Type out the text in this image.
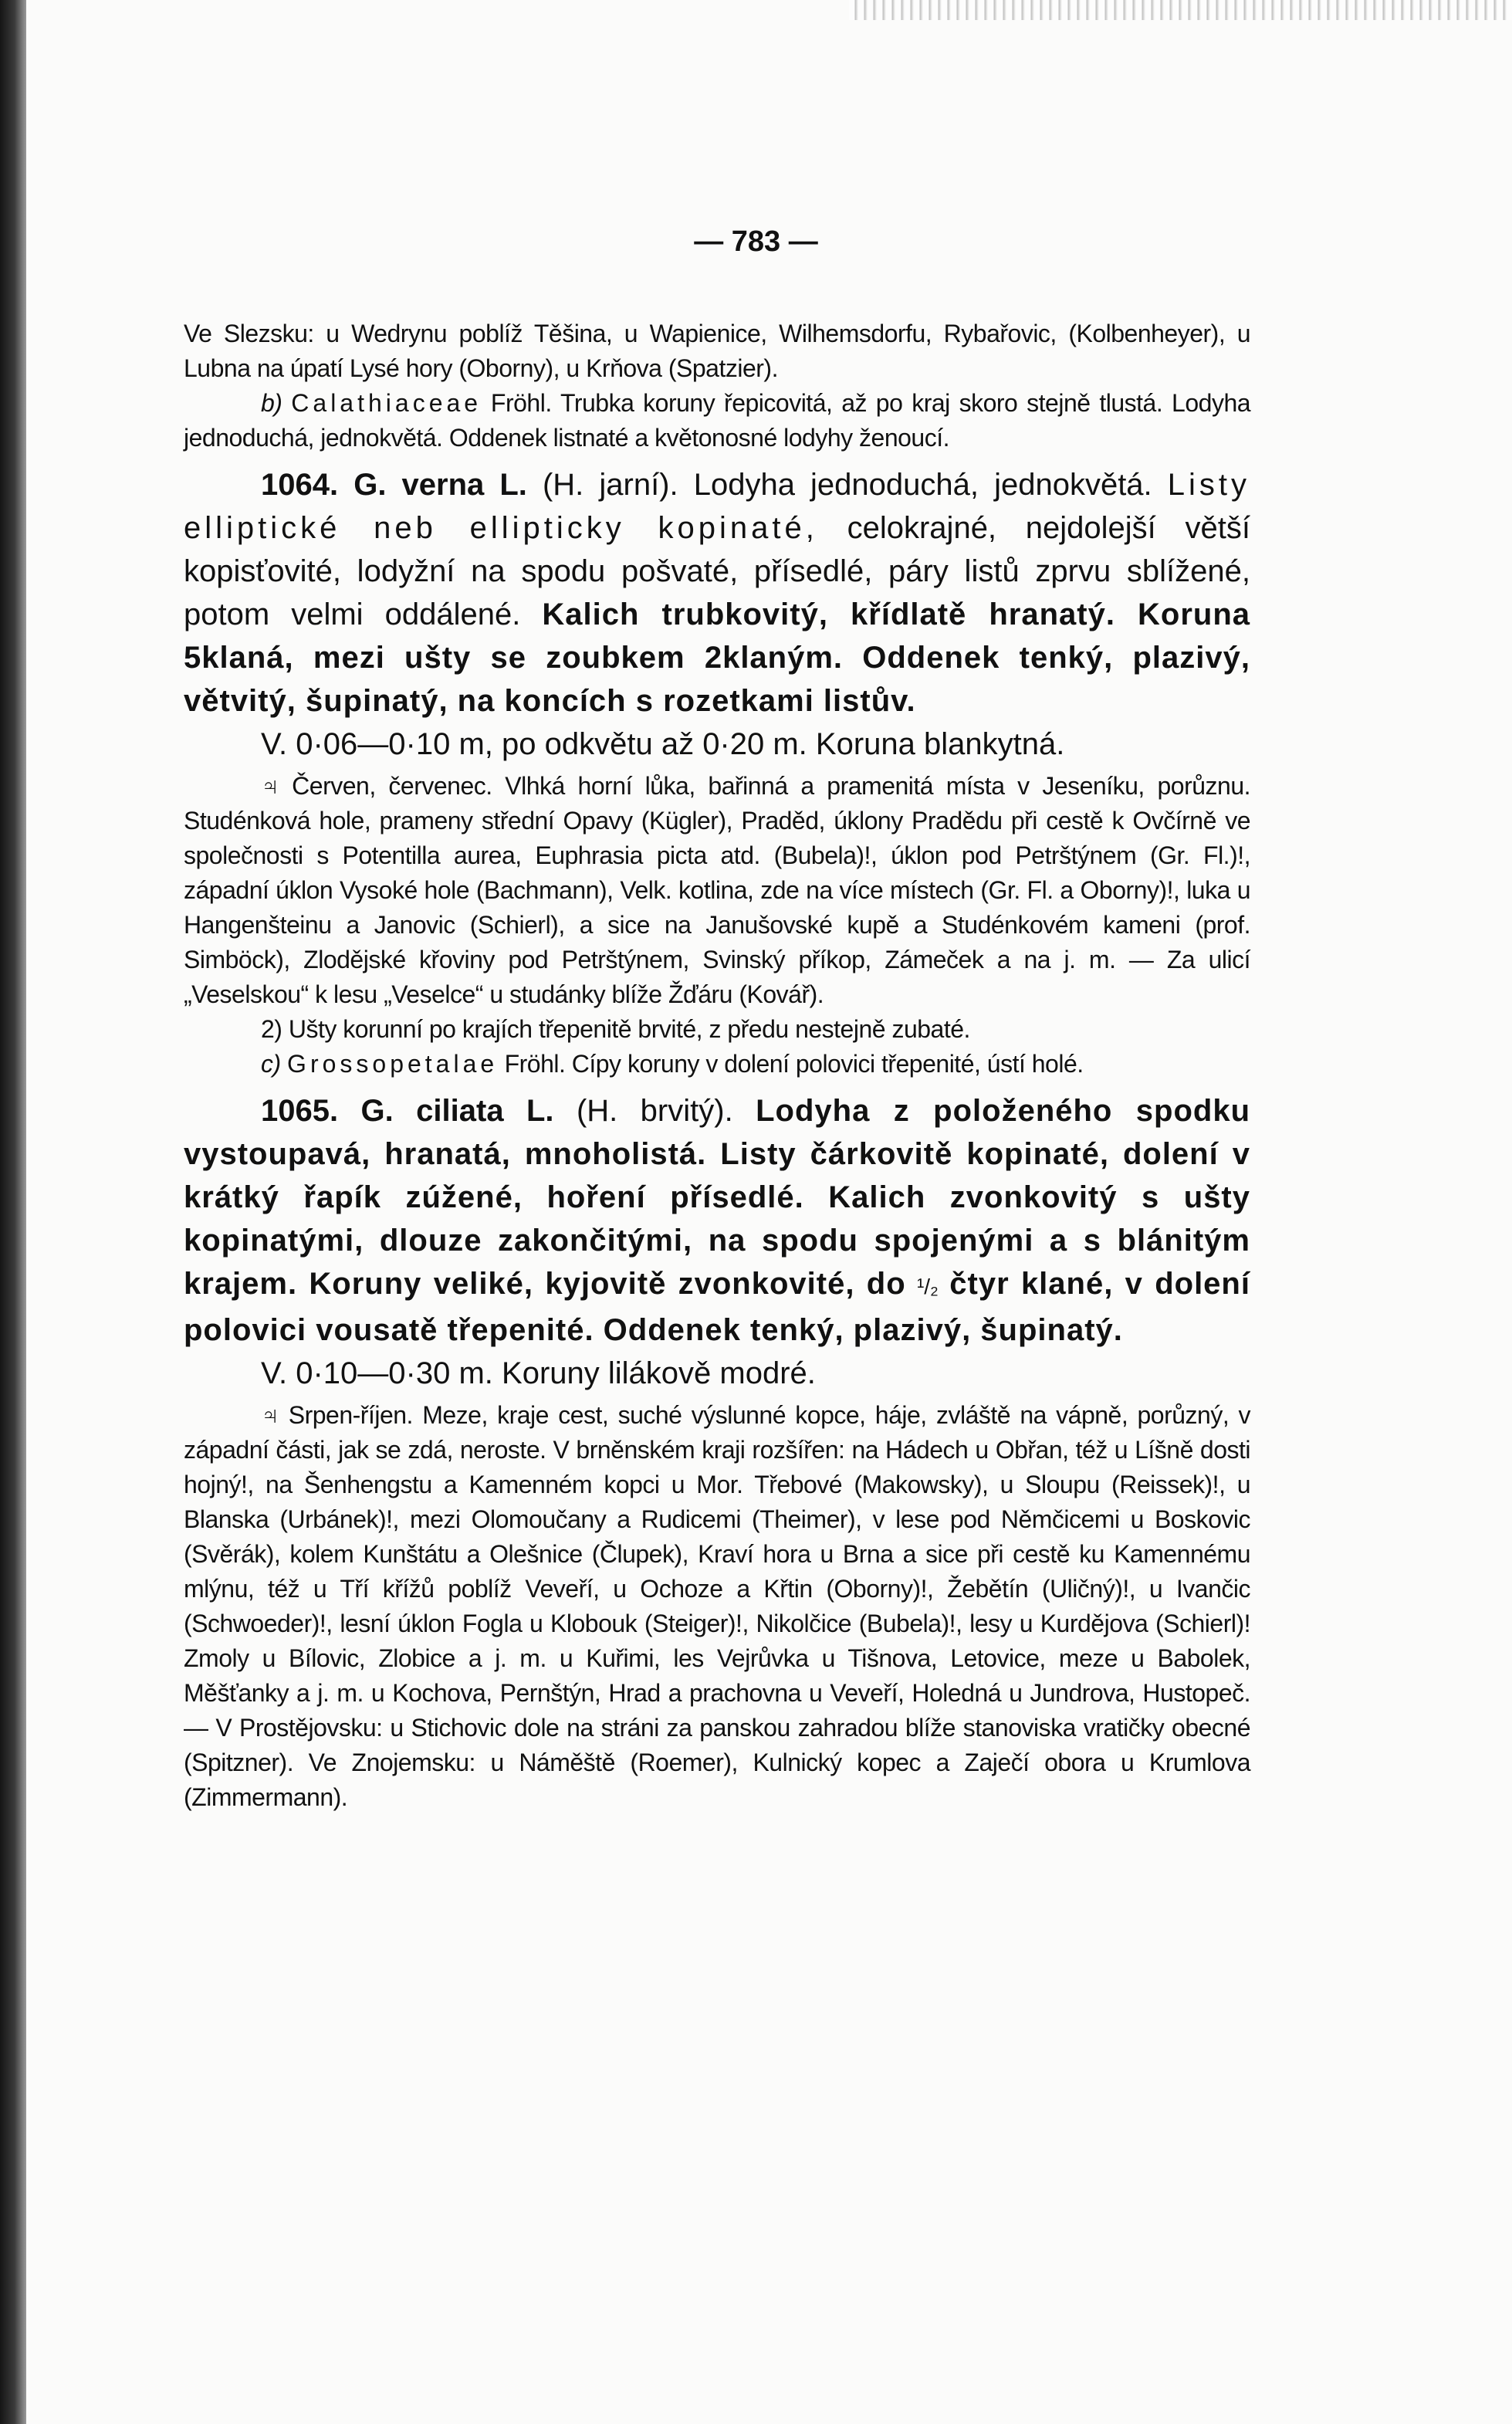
— 783 —

Ve Slezsku: u Wedrynu poblíž Těšina, u Wapienice, Wilhemsdorfu, Rybařovic, (Kolbenheyer), u Lubna na úpatí Lysé hory (Oborny), u Krňova (Spatzier).

b) Calathiaceae Fröhl. Trubka koruny řepicovitá, až po kraj skoro stejně tlustá. Lodyha jednoduchá, jednokvětá. Oddenek listnaté a květonosné lodyhy ženoucí.

1064. G. verna L. (H. jarní). Lodyha jednoduchá, jednokvětá. Listy elliptické neb ellipticky kopinaté, celokrajné, nejdolejší větší kopisťovité, lodyžní na spodu pošvaté, přísedlé, páry listů zprvu sblížené, potom velmi oddálené. Kalich trubkovitý, křídlatě hranatý. Koruna 5klaná, mezi ušty se zoubkem 2klaným. Oddenek tenký, plazivý, větvitý, šupinatý, na koncích s rozetkami listův.

V. 0·06—0·10 m, po odkvětu až 0·20 m. Koruna blankytná.

♃ Červen, červenec. Vlhká horní lůka, bařinná a pramenitá místa v Jeseníku, porůznu. Studénková hole, prameny střední Opavy (Kügler), Praděd, úklony Pradědu při cestě k Ovčírně ve společnosti s Potentilla aurea, Euphrasia picta atd. (Bubela)!, úklon pod Petrštýnem (Gr. Fl.)!, západní úklon Vysoké hole (Bachmann), Velk. kotlina, zde na více místech (Gr. Fl. a Oborny)!, luka u Hangenšteinu a Janovic (Schierl), a sice na Janušovské kupě a Studénkovém kameni (prof. Simböck), Zlodějské křoviny pod Petrštýnem, Svinský příkop, Zámeček a na j. m. — Za ulicí „Veselskou“ k lesu „Veselce“ u studánky blíže Žďáru (Kovář).

2) Ušty korunní po krajích třepenitě brvité, z předu nestejně zubaté.

c) Grossopetalae Fröhl. Cípy koruny v dolení polovici třepenité, ústí holé.

1065. G. ciliata L. (H. brvitý). Lodyha z položeného spodku vystoupavá, hranatá, mnoholistá. Listy čárkovitě kopinaté, dolení v krátký řapík zúžené, hoření přísedlé. Kalich zvonkovitý s ušty kopinatými, dlouze zakončitými, na spodu spojenými a s blánitým krajem. Koruny veliké, kyjovitě zvonkovité, do ¹/₂ čtyr klané, v dolení polovici vousatě třepenité. Oddenek tenký, plazivý, šupinatý.

V. 0·10—0·30 m. Koruny lilákově modré.

♃ Srpen-říjen. Meze, kraje cest, suché výslunné kopce, háje, zvláště na vápně, porůzný, v západní části, jak se zdá, neroste. V brněnském kraji rozšířen: na Hádech u Obřan, též u Líšně dosti hojný!, na Šenhengstu a Kamenném kopci u Mor. Třebové (Makowsky), u Sloupu (Reissek)!, u Blanska (Urbánek)!, mezi Olomoučany a Rudicemi (Theimer), v lese pod Němčicemi u Boskovic (Svěrák), kolem Kunštátu a Olešnice (Člupek), Kraví hora u Brna a sice při cestě ku Kamennému mlýnu, též u Tří křížů poblíž Veveří, u Ochoze a Křtin (Oborny)!, Žebětín (Uličný)!, u Ivančic (Schwoeder)!, lesní úklon Fogla u Klobouk (Steiger)!, Nikolčice (Bubela)!, lesy u Kurdějova (Schierl)! Zmoly u Bílovic, Zlobice a j. m. u Kuřimi, les Vejrůvka u Tišnova, Letovice, meze u Babolek, Měšťanky a j. m. u Kochova, Pernštýn, Hrad a prachovna u Veveří, Holedná u Jundrova, Hustopeč. — V Prostějovsku: u Stichovic dole na stráni za panskou zahradou blíže stanoviska vratičky obecné (Spitzner). Ve Znojemsku: u Náměště (Roemer), Kulnický kopec a Zaječí obora u Krumlova (Zimmermann).
